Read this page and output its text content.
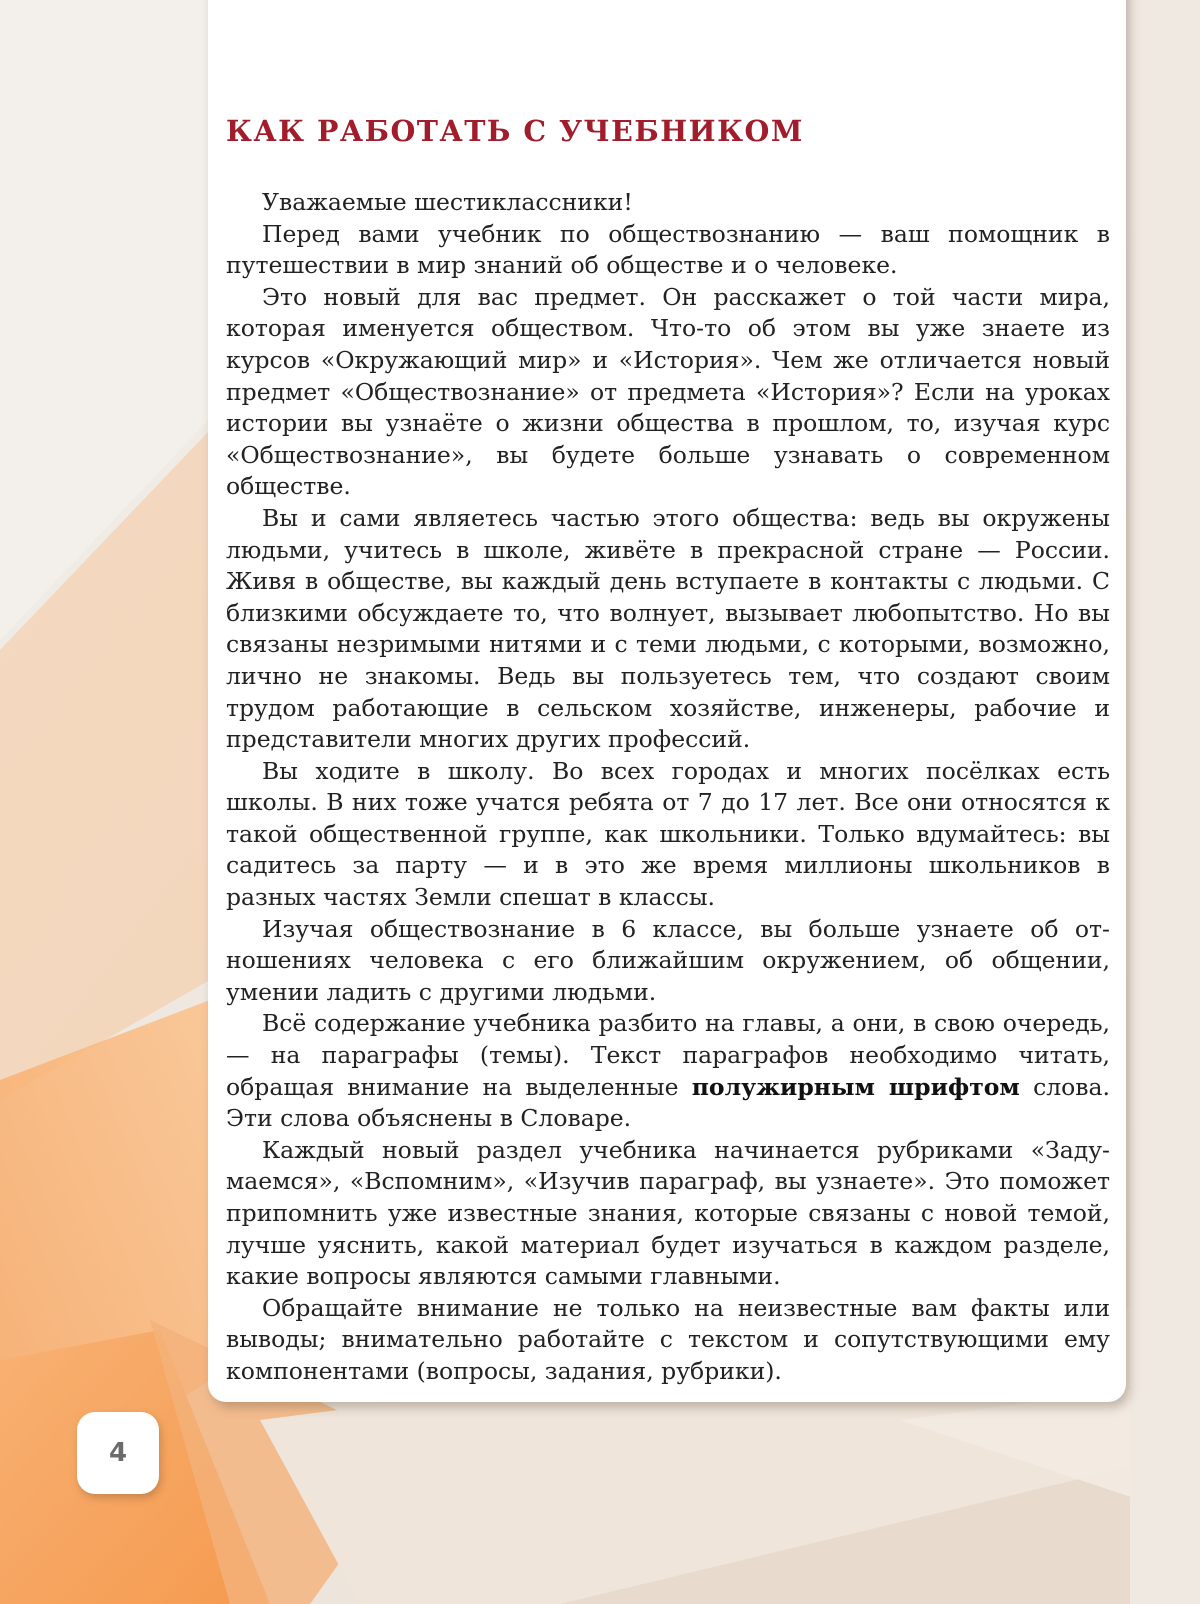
КАК РАБОТАТЬ С УЧЕБНИКОМ

Уважаемые шестиклассники!

Перед вами учебник по обществознанию — ваш помощник в путешествии в мир знаний об обществе и о человеке.

Это новый для вас предмет. Он расскажет о той части мира, которая именуется обществом. Что-то об этом вы уже знаете из курсов «Окружающий мир» и «История». Чем же отличается новый предмет «Обществознание» от предмета «История»? Если на уроках истории вы узнаёте о жизни общества в прошлом, то, изучая курс «Обществознание», вы будете больше узнавать о современном обществе.

Вы и сами являетесь частью этого общества: ведь вы окружены людьми, учитесь в школе, живёте в прекрасной стране — России. Живя в обществе, вы каждый день вступаете в контакты с людьми. С близкими обсуждаете то, что волнует, вызывает любопытство. Но вы связаны незримыми нитями и с теми людьми, с которыми, возможно, лично не знакомы. Ведь вы пользуетесь тем, что создают своим трудом работающие в сельском хозяйстве, инженеры, рабочие и представители многих других профессий.

Вы ходите в школу. Во всех городах и многих посёлках есть школы. В них тоже учатся ребята от 7 до 17 лет. Все они относятся к такой общественной группе, как школьники. Только вдумайтесь: вы садитесь за парту — и в это же время миллионы школьников в разных частях Земли спешат в классы.

Изучая обществознание в 6 классе, вы больше узнаете об отношениях человека с его ближайшим окружением, об общении, умении ладить с другими людьми.

Всё содержание учебника разбито на главы, а они, в свою очередь, — на параграфы (темы). Текст параграфов необходимо читать, обращая внимание на выделенные полужирным шрифтом слова. Эти слова объяснены в Словаре.

Каждый новый раздел учебника начинается рубриками «Задумаемся», «Вспомним», «Изучив параграф, вы узнаете». Это поможет припомнить уже известные знания, которые связаны с новой темой, лучше уяснить, какой материал будет изучаться в каждом разделе, какие вопросы являются самыми главными.

Обращайте внимание не только на неизвестные вам факты или выводы; внимательно работайте с текстом и сопутствующими ему компонентами (вопросы, задания, рубрики).

4
